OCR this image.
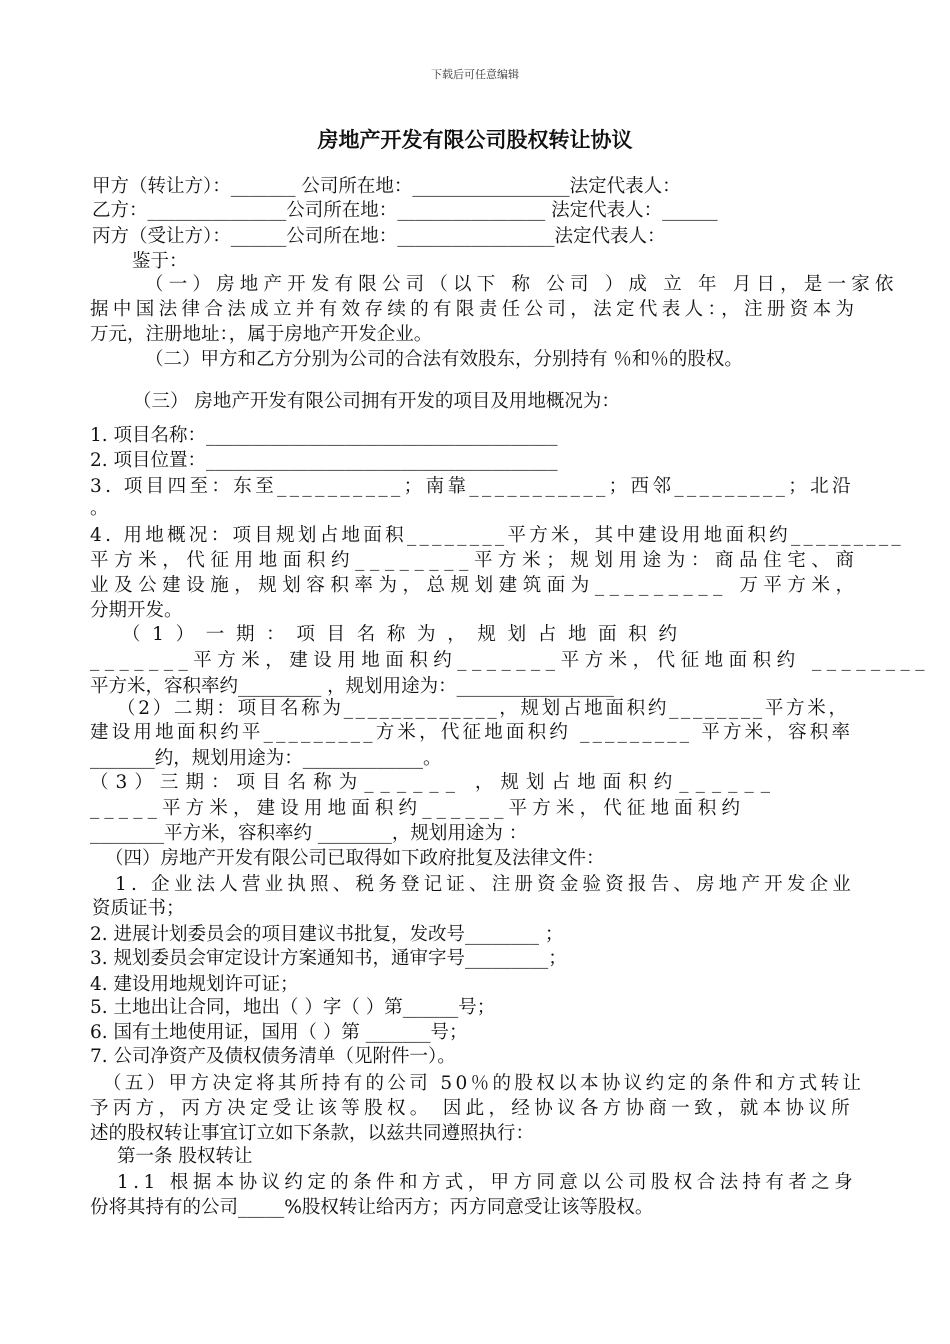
下载后可任意编辑
房地产开发有限公司股权转让协议
甲方（转让方）：_______ 公司所在地：_________________法定代表人：
乙方：_______________公司所在地：________________ 法定代表人：______
丙方（受让方）：______公司所在地：_________________法定代表人：
鉴于：
（一）房地产开发有限公司（以下 称 公司 ）成 立 年 月日，是一家依
据中国法律合法成立并有效存续的有限责任公司，法定代表人：，注册资本为
万元，注册地址：，属于房地产开发企业。
（二）甲方和乙方分别为公司的合法有效股东，分别持有 ％和％的股权。
（三） 房地产开发有限公司拥有开发的项目及用地概况为：
1. 项目名称：______________________________________
2. 项目位置：______________________________________
3. 项目四至：东至__________；南靠___________；西邻_________；北沿
。
4. 用地概况：项目规划占地面积________平方米，其中建设用地面积约_________
平方米，代征用地面积约________平方米；规划用途为：商品住宅、商
业及公建设施，规划容积率为，总规划建筑面为_________ 万平方米，
分期开发。
（1）一期：项目名称为，规划占地面积约
_______平方米，建设用地面积约_______平方米，代征地面积约 ________
平方米，容积率约_________ ，规划用途为：_________________
（2）二期：项目名称为_____________，规划占地面积约________平方米，
建设用地面积约平_________方米，代征地面积约 _________ 平方米，容积率
_______约，规划用途为：_____________。
（3）三期：项目名称为______ ，规划占地面积约______
_____平方米，建设用地面积约______平方米，代征地面积约
________平方米，容积率约 ________，规划用途为 ：
（四）房地产开发有限公司已取得如下政府批复及法律文件：
1. 企业法人营业执照、税务登记证、注册资金验资报告、房地产开发企业
资质证书；
2. 进展计划委员会的项目建议书批复，发改号________ ；
3. 规划委员会审定设计方案通知书，通审字号_________；
4. 建设用地规划许可证；
5. 土地出让合同，地出（ ）字（ ）第______号；
6. 国有土地使用证，国用（ ）第 _______号；
7. 公司净资产及债权债务清单（见附件一）。
（五）甲方决定将其所持有的公司 50％的股权以本协议约定的条件和方式转让
予丙方，丙方决定受让该等股权。 因此，经协议各方协商一致，就本协议所
述的股权转让事宜订立如下条款，以兹共同遵照执行：
第一条 股权转让
1.1 根据本协议约定的条件和方式，甲方同意以公司股权合法持有者之身
份将其持有的公司_____%股权转让给丙方；丙方同意受让该等股权。
